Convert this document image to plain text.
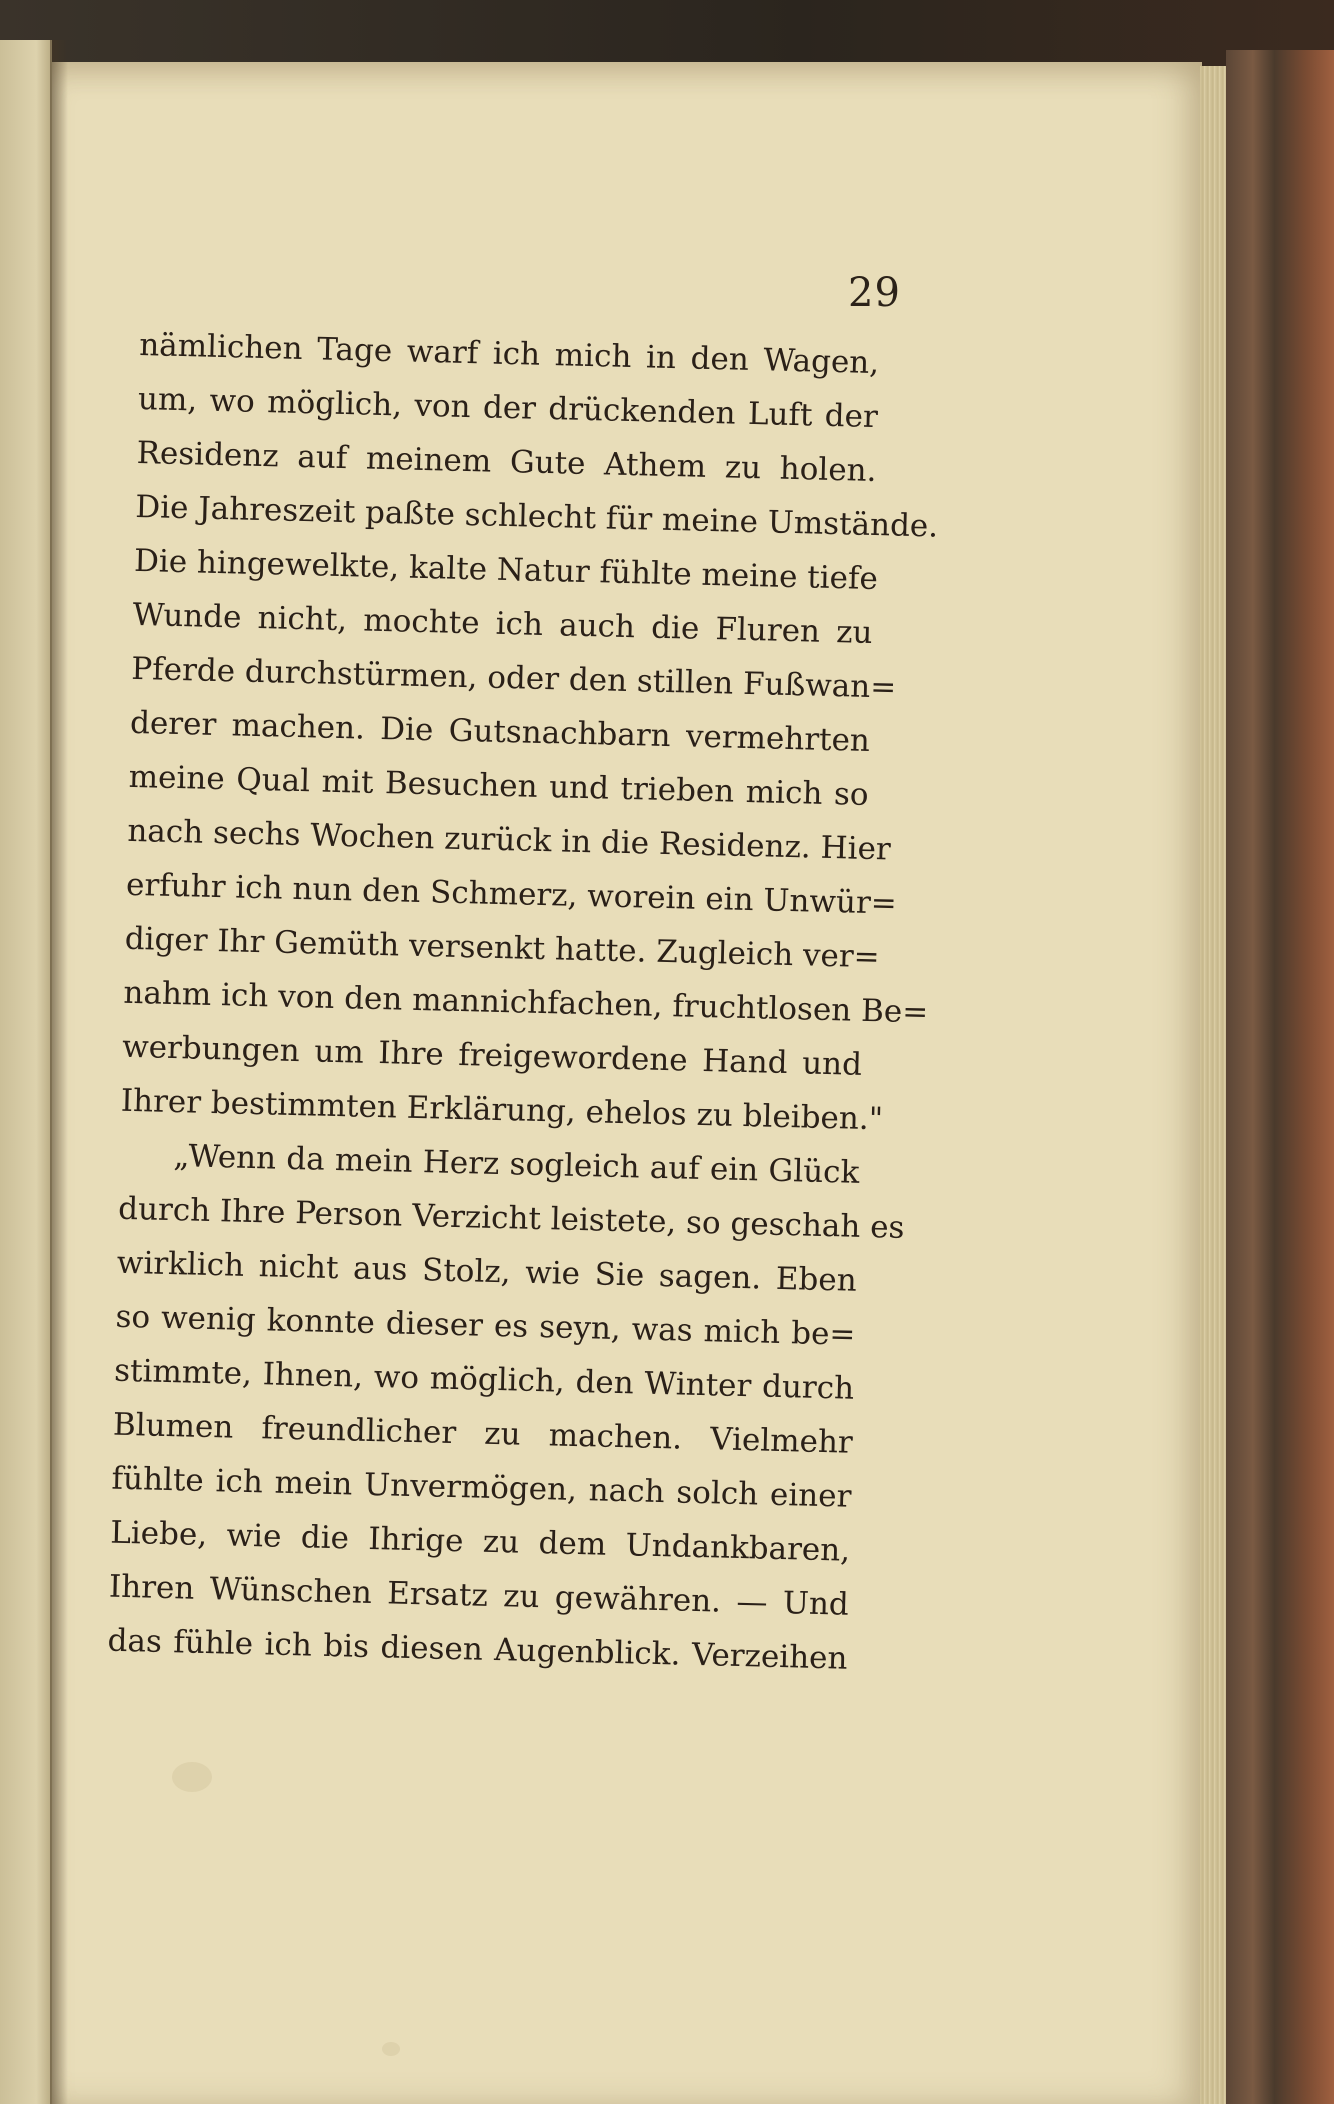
29
nämlichen Tage warf ich mich in den Wagen,
um, wo möglich, von der drückenden Luft der
Residenz auf meinem Gute Athem zu holen.
Die Jahreszeit paßte schlecht für meine Umstände.
Die hingewelkte, kalte Natur fühlte meine tiefe
Wunde nicht, mochte ich auch die Fluren zu
Pferde durchstürmen, oder den stillen Fußwan=
derer machen. Die Gutsnachbarn vermehrten
meine Qual mit Besuchen und trieben mich so
nach sechs Wochen zurück in die Residenz. Hier
erfuhr ich nun den Schmerz, worein ein Unwür=
diger Ihr Gemüth versenkt hatte. Zugleich ver=
nahm ich von den mannichfachen, fruchtlosen Be=
werbungen um Ihre freigewordene Hand und
Ihrer bestimmten Erklärung, ehelos zu bleiben."
„Wenn da mein Herz sogleich auf ein Glück
durch Ihre Person Verzicht leistete, so geschah es
wirklich nicht aus Stolz, wie Sie sagen. Eben
so wenig konnte dieser es seyn, was mich be=
stimmte, Ihnen, wo möglich, den Winter durch
Blumen freundlicher zu machen. Vielmehr
fühlte ich mein Unvermögen, nach solch einer
Liebe, wie die Ihrige zu dem Undankbaren,
Ihren Wünschen Ersatz zu gewähren. — Und
das fühle ich bis diesen Augenblick. Verzeihen
